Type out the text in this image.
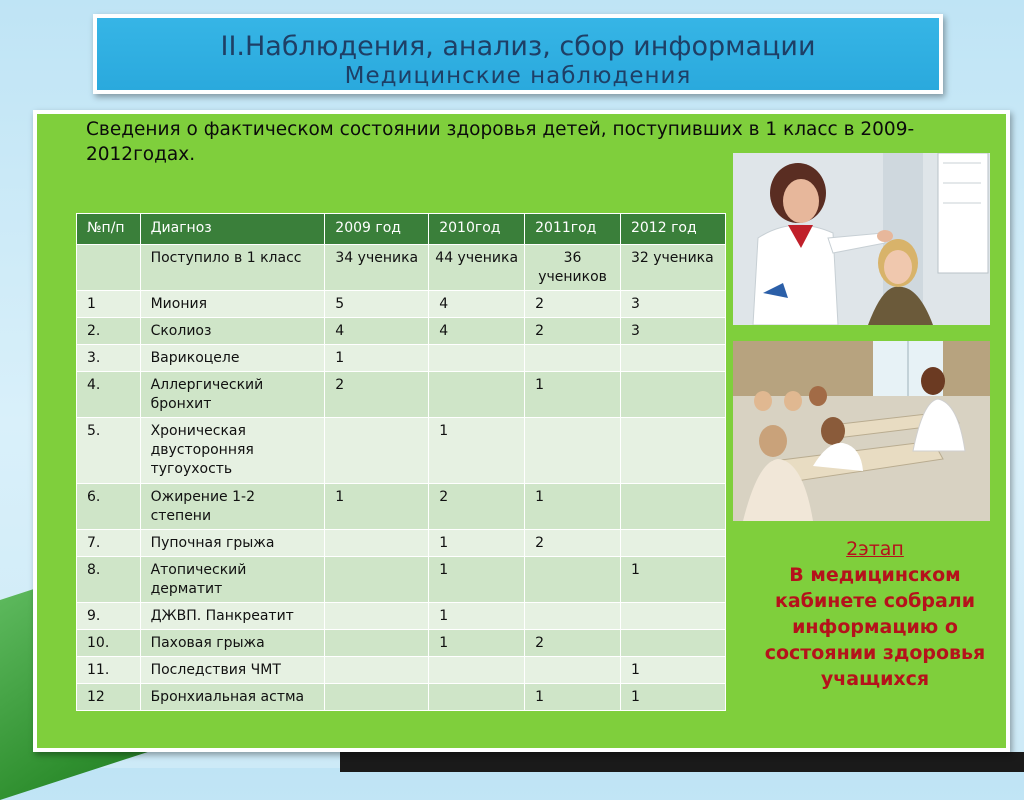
II.Наблюдения, анализ, сбор информации
Медицинские наблюдения
Сведения о фактическом состоянии здоровья детей, поступивших в 1 класс в 2009-2012годах.
№п/п	Диагноз	2009 год	2010год	2011год	2012 год
	Поступило в 1 класс	34 ученика	44 ученика	36 учеников	32 ученика
1	Миония	5	4	2	3
2.	Сколиоз	4	4	2	3
3.	Варикоцеле	1			
4.	Аллергический бронхит	2		1	
5.	Хроническая двусторонняя тугоухость		1		
6.	Ожирение 1-2 степени	1	2	1	
7.	Пупочная грыжа		1	2	
8.	Атопический дерматит		1		1
9.	ДЖВП. Панкреатит		1		
10.	Паховая грыжа		1	2	
11.	Последствия ЧМТ				1
12	Бронхиальная астма			1	1
2этап
В медицинском кабинете собрали информацию о состоянии здоровья учащихся
